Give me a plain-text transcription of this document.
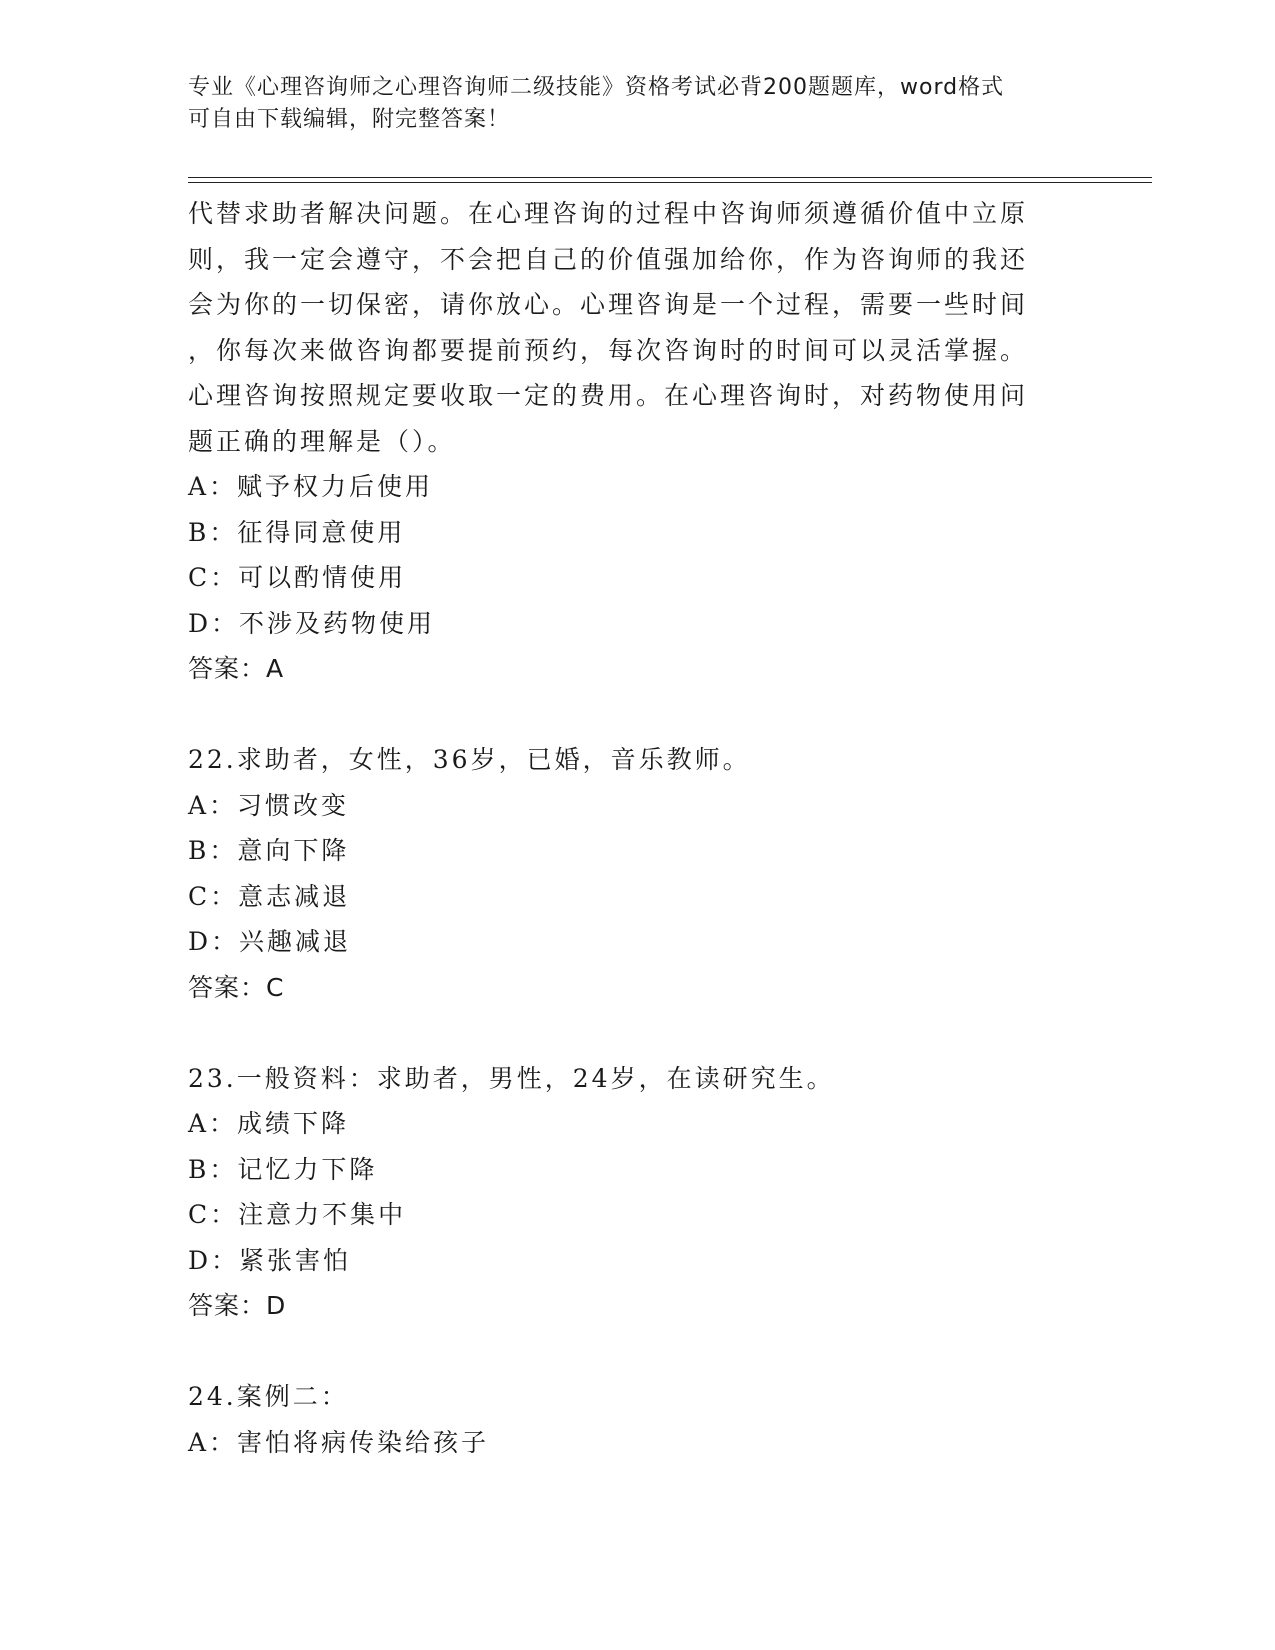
专业《心理咨询师之心理咨询师二级技能》资格考试必背200题题库，word格式
可自由下载编辑，附完整答案！
代替求助者解决问题。在心理咨询的过程中咨询师须遵循价值中立原
则，我一定会遵守，不会把自己的价值强加给你，作为咨询师的我还
会为你的一切保密，请你放心。心理咨询是一个过程，需要一些时间
，你每次来做咨询都要提前预约，每次咨询时的时间可以灵活掌握。
心理咨询按照规定要收取一定的费用。在心理咨询时，对药物使用问
题正确的理解是（）。
A：赋予权力后使用
B：征得同意使用
C：可以酌情使用
D：不涉及药物使用
答案：A
22.求助者，女性，36岁，已婚，音乐教师。
A：习惯改变
B：意向下降
C：意志减退
D：兴趣减退
答案：C
23.一般资料：求助者，男性，24岁，在读研究生。
A：成绩下降
B：记忆力下降
C：注意力不集中
D：紧张害怕
答案：D
24.案例二：
A：害怕将病传染给孩子
